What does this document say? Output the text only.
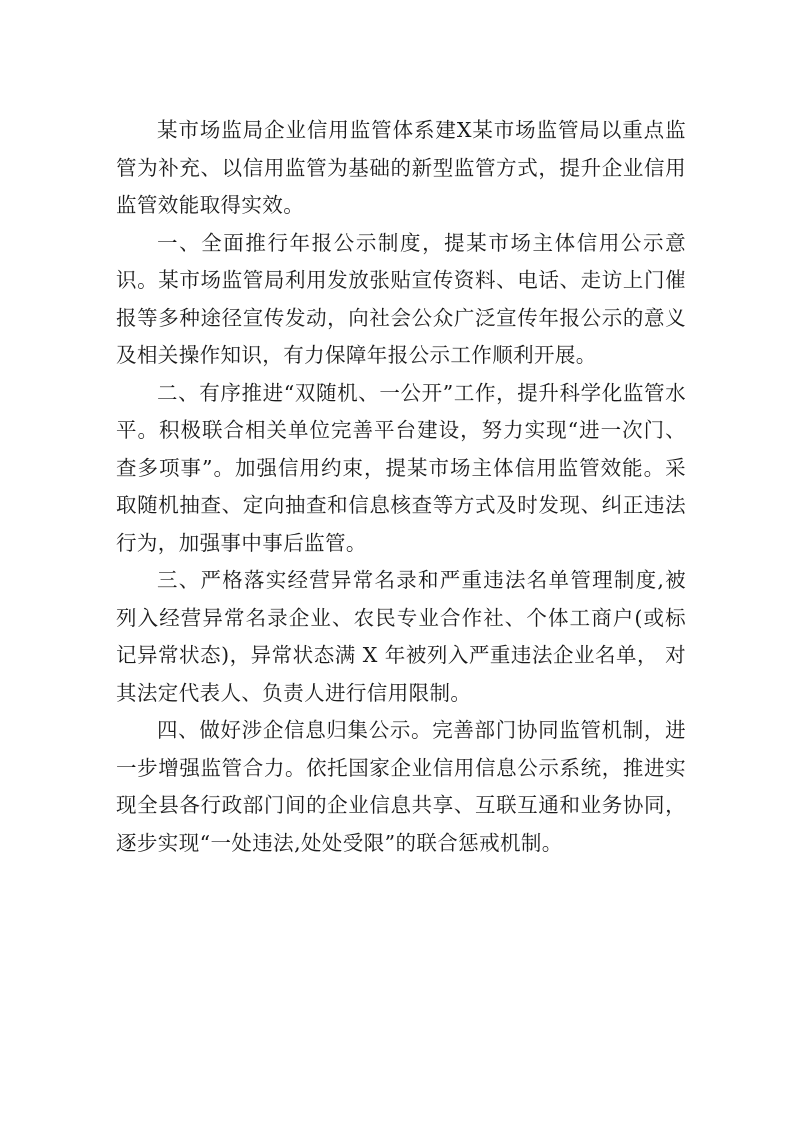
某市场监局企业信用监管体系建X某市场监管局以重点监管为补充、以信用监管为基础的新型监管方式，提升企业信用监管效能取得实效。

一、全面推行年报公示制度，提某市场主体信用公示意识。某市场监管局利用发放张贴宣传资料、电话、走访上门催报等多种途径宣传发动，向社会公众广泛宣传年报公示的意义及相关操作知识，有力保障年报公示工作顺利开展。

二、有序推进“双随机、一公开”工作，提升科学化监管水平。积极联合相关单位完善平台建设，努力实现“进一次门、查多项事”。加强信用约束，提某市场主体信用监管效能。采取随机抽查、定向抽查和信息核查等方式及时发现、纠正违法行为，加强事中事后监管。

三、严格落实经营异常名录和严重违法名单管理制度,被列入经营异常名录企业、农民专业合作社、个体工商户(或标记异常状态)，异常状态满 X 年被列入严重违法企业名单， 对其法定代表人、负责人进行信用限制。

四、做好涉企信息归集公示。完善部门协同监管机制，进一步增强监管合力。依托国家企业信用信息公示系统，推进实现全县各行政部门间的企业信息共享、互联互通和业务协同，逐步实现“一处违法,处处受限”的联合惩戒机制。
